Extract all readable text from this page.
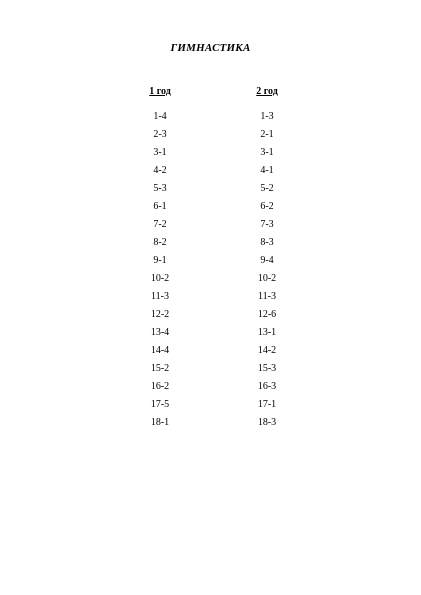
ГИМНАСТИКА
1 год	2 год
1-4
2-3
3-1
4-2
5-3
6-1
7-2
8-2
9-1
10-2
11-3
12-2
13-4
14-4
15-2
16-2
17-5
18-1
1-3
2-1
3-1
4-1
5-2
6-2
7-3
8-3
9-4
10-2
11-3
12-6
13-1
14-2
15-3
16-3
17-1
18-3
